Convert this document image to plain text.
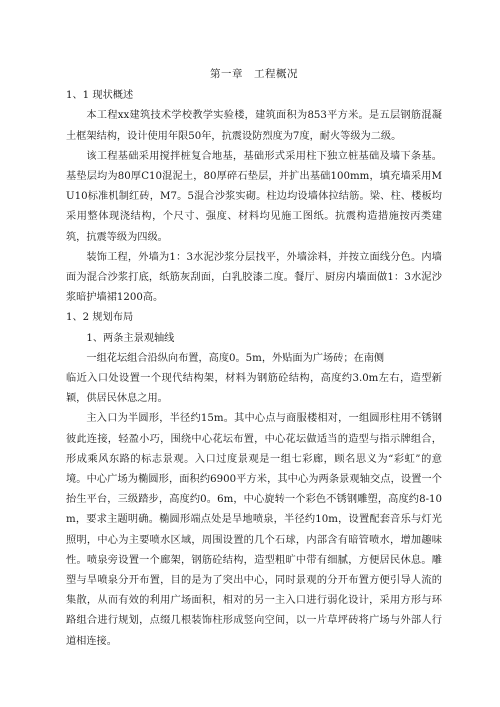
第一章　工程概况

1、1 现状概述

本工程xx建筑技术学校教学实验楼，建筑面积为853平方米。是五层钢筋混凝土框架结构，设计使用年限50年，抗震设防烈度为7度，耐火等级为二级。

该工程基础采用搅拌桩复合地基，基础形式采用柱下独立桩基础及墙下条基。基垫层均为80厚C10混泥土，80厚碎石垫层，并扩出基础100mm，填充墙采用MU10标准机制红砖，M7。5混合沙浆实砌。柱边均设墙体拉结筋。梁、柱、楼板均采用整体现浇结构，个尺寸、强度、材料均见施工图纸。抗震构造措施按丙类建筑，抗震等级为四级。

装饰工程，外墙为1：3水泥沙浆分层找平，外墙涂料，并按立面线分色。内墙面为混合沙浆打底，纸筋灰刮面，白乳胶漆二度。餐厅、厨房内墙面做1：3水泥沙浆暗护墙裙1200高。

1、2 规划布局

1、两条主景观轴线

一组花坛组合沿纵向布置，高度0。5m，外贴面为广场砖；在南侧

临近入口处设置一个现代结构架，材料为钢筋砼结构，高度约3.0m左右，造型新颖，供居民休息之用。

主入口为半圆形，半径约15m。其中心点与商服楼相对，一组圆形柱用不锈钢彼此连接，轻盈小巧，围绕中心花坛布置，中心花坛做适当的造型与指示牌组合，形成乘风东路的标志景观。入口过度景观是一组七彩廊，顾名思义为“彩虹”的意境。中心广场为椭圆形，面积约6900平方米，其中心为两条景观轴交点，设置一个抬生平台，三级踏步，高度约0。6m，中心旋转一个彩色不锈钢雕塑，高度约8-10m，要求主题明确。椭圆形端点处是旱地喷泉，半径约10m，设置配套音乐与灯光照明，中心为主要喷水区域，周围设置的几个石球，内部含有暗管喷水，增加趣味性。喷泉旁设置一个廊架，钢筋砼结构，造型粗旷中带有细腻，方便居民休息。雕塑与旱喷泉分开布置，目的是为了突出中心，同时景观的分开布置方便引导人流的集散，从而有效的利用广场面积，相对的另一主入口进行弱化设计，采用方形与环路组合进行规划，点缀几根装饰柱形成竖向空间，以一片草坪砖将广场与外部人行道相连接。
